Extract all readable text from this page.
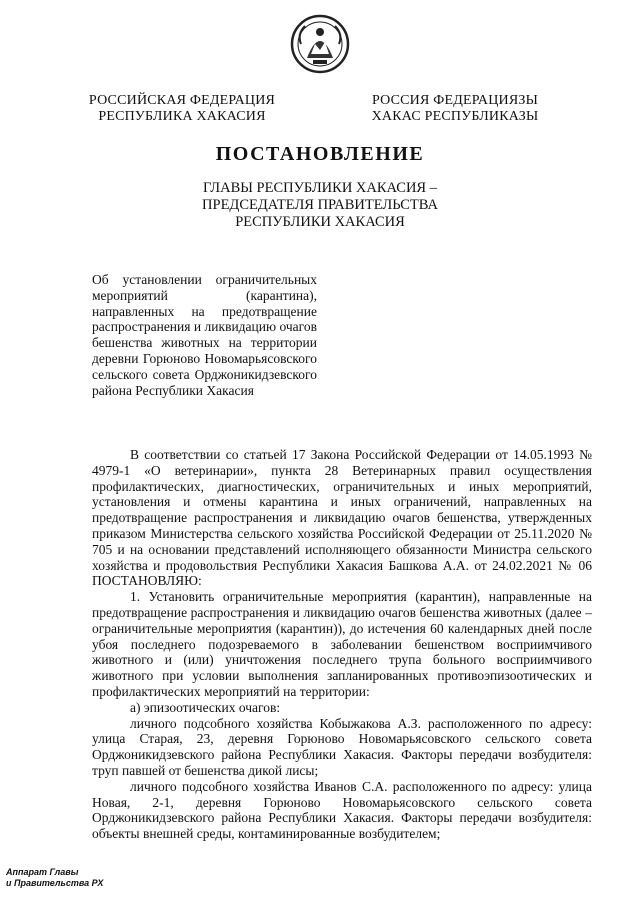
РОССИЙСКАЯ ФЕДЕРАЦИЯ
РЕСПУБЛИКА ХАКАСИЯ
РОССИЯ ФЕДЕРАЦИЯЗЫ
ХАКАС РЕСПУБЛИКАЗЫ
ПОСТАНОВЛЕНИЕ
ГЛАВЫ РЕСПУБЛИКИ ХАКАСИЯ –
ПРЕДСЕДАТЕЛЯ ПРАВИТЕЛЬСТВА
РЕСПУБЛИКИ ХАКАСИЯ
Об установлении ограничительных мероприятий (карантина), направленных на предотвращение распространения и ликвидацию очагов бешенства животных на территории деревни Горюново Новомарьясовского сельского совета Орджоникидзевского района Республики Хакасия

В соответствии со статьей 17 Закона Российской Федерации от 14.05.1993 № 4979-1 «О ветеринарии», пункта 28 Ветеринарных правил осуществления профилактических, диагностических, ограничительных и иных мероприятий, установления и отмены карантина и иных ограничений, направленных на предотвращение распространения и ликвидацию очагов бешенства, утвержденных приказом Министерства сельского хозяйства Российской Федерации от 25.11.2020 № 705 и на основании представлений исполняющего обязанности Министра сельского хозяйства и продовольствия Республики Хакасия Башкова А.А. от 24.02.2021 № 06 ПОСТАНОВЛЯЮ:

1. Установить ограничительные мероприятия (карантин), направленные на предотвращение распространения и ликвидацию очагов бешенства животных (далее – ограничительные мероприятия (карантин)), до истечения 60 календарных дней после убоя последнего подозреваемого в заболевании бешенством восприимчивого животного и (или) уничтожения последнего трупа больного восприимчивого животного при условии выполнения запланированных противоэпизоотических и профилактических мероприятий на территории:

а) эпизоотических очагов:

личного подсобного хозяйства Кобыжакова А.З. расположенного по адресу: улица Старая, 23, деревня Горюново Новомарьясовского сельского совета Орджоникидзевского района Республики Хакасия. Факторы передачи возбудителя: труп павшей от бешенства дикой лисы;

личного подсобного хозяйства Иванов С.А. расположенного по адресу: улица Новая, 2-1, деревня Горюново Новомарьясовского сельского совета Орджоникидзевского района Республики Хакасия. Факторы передачи возбудителя: объекты внешней среды, контаминированные возбудителем;

Аппарат Главы
и Правительства РХ
